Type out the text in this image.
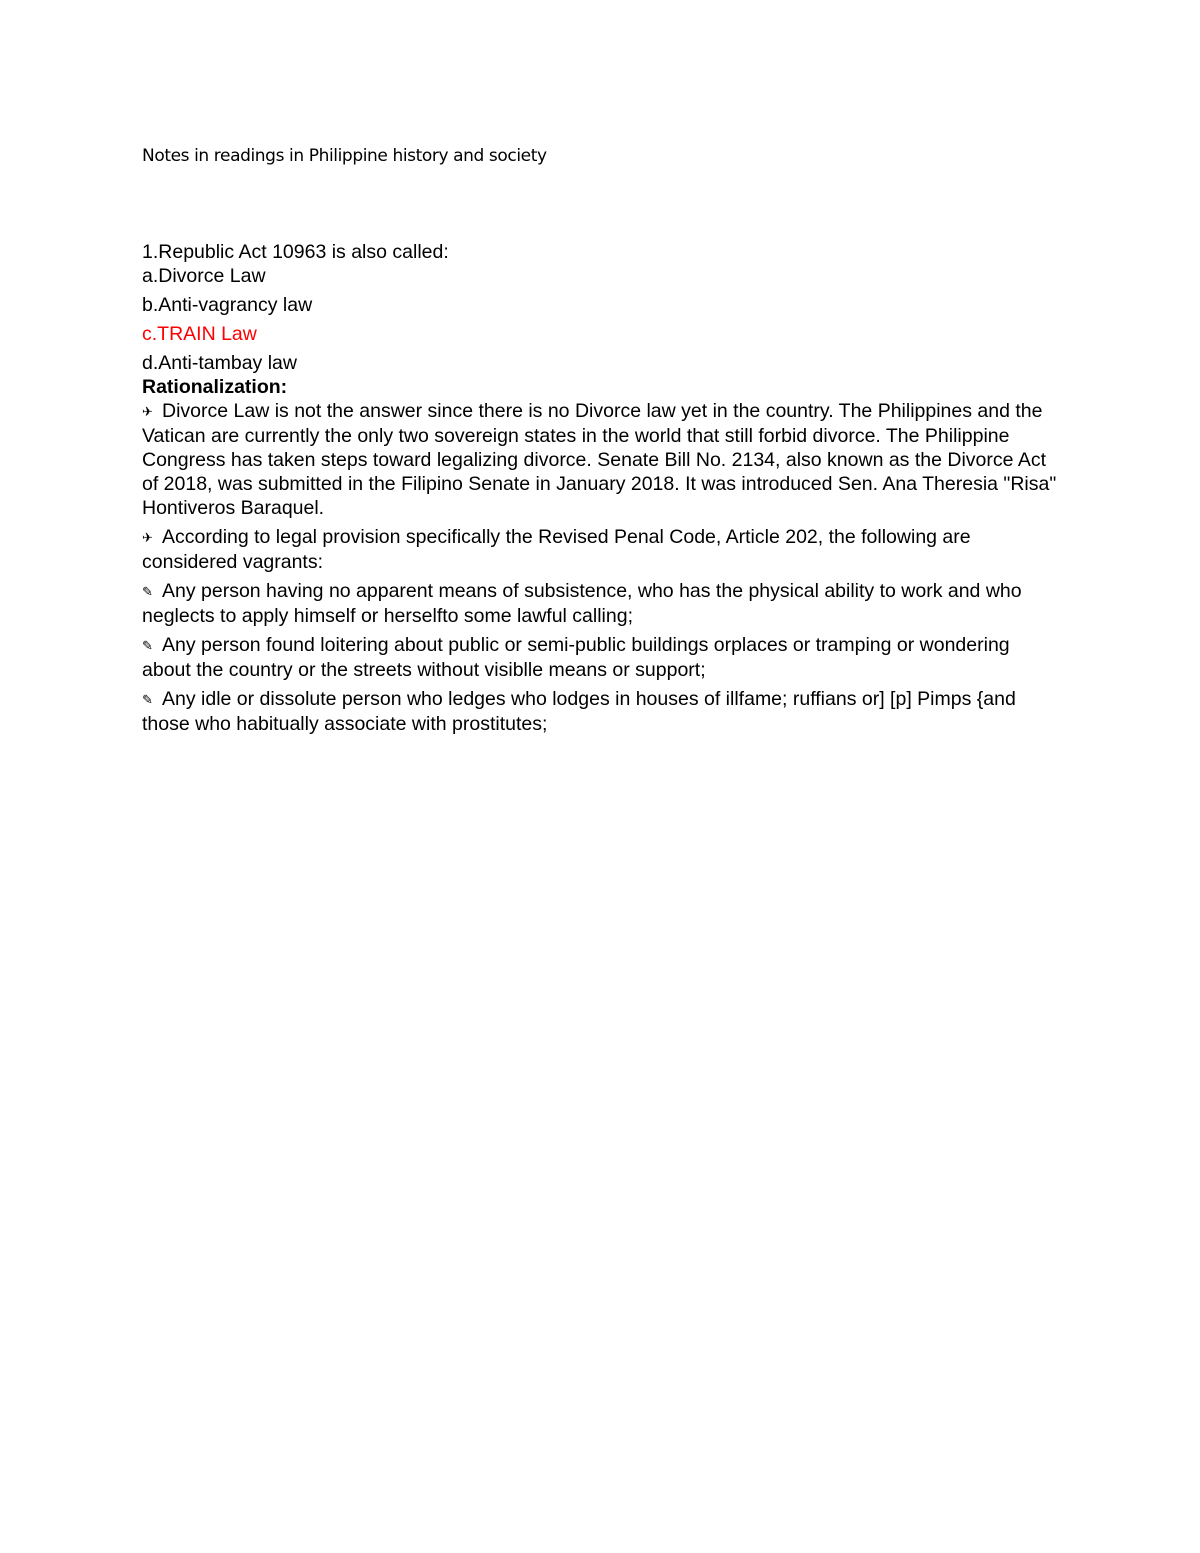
Notes in readings in Philippine history and society
1.Republic Act 10963 is also called:
a.Divorce Law
b.Anti-vagrancy law
c.TRAIN Law
d.Anti-tambay law
Rationalization:
✈ Divorce Law is not the answer since there is no Divorce law yet in the country. The Philippines and the Vatican are currently the only two sovereign states in the world that still forbid divorce. The Philippine Congress has taken steps toward legalizing divorce. Senate Bill No. 2134, also known as the Divorce Act of 2018, was submitted in the Filipino Senate in January 2018. It was introduced Sen. Ana Theresia "Risa" Hontiveros Baraquel.
✈ According to legal provision specifically the Revised Penal Code, Article 202, the following are considered vagrants:
✎ Any person having no apparent means of subsistence, who has the physical ability to work and who neglects to apply himself or herselfto some lawful calling;
✎ Any person found loitering about public or semi-public buildings orplaces or tramping or wondering about the country or the streets without visiblle means or support;
✎ Any idle or dissolute person who ledges who lodges in houses of illfame; ruffians or] [p] Pimps {and those who habitually associate with prostitutes;
